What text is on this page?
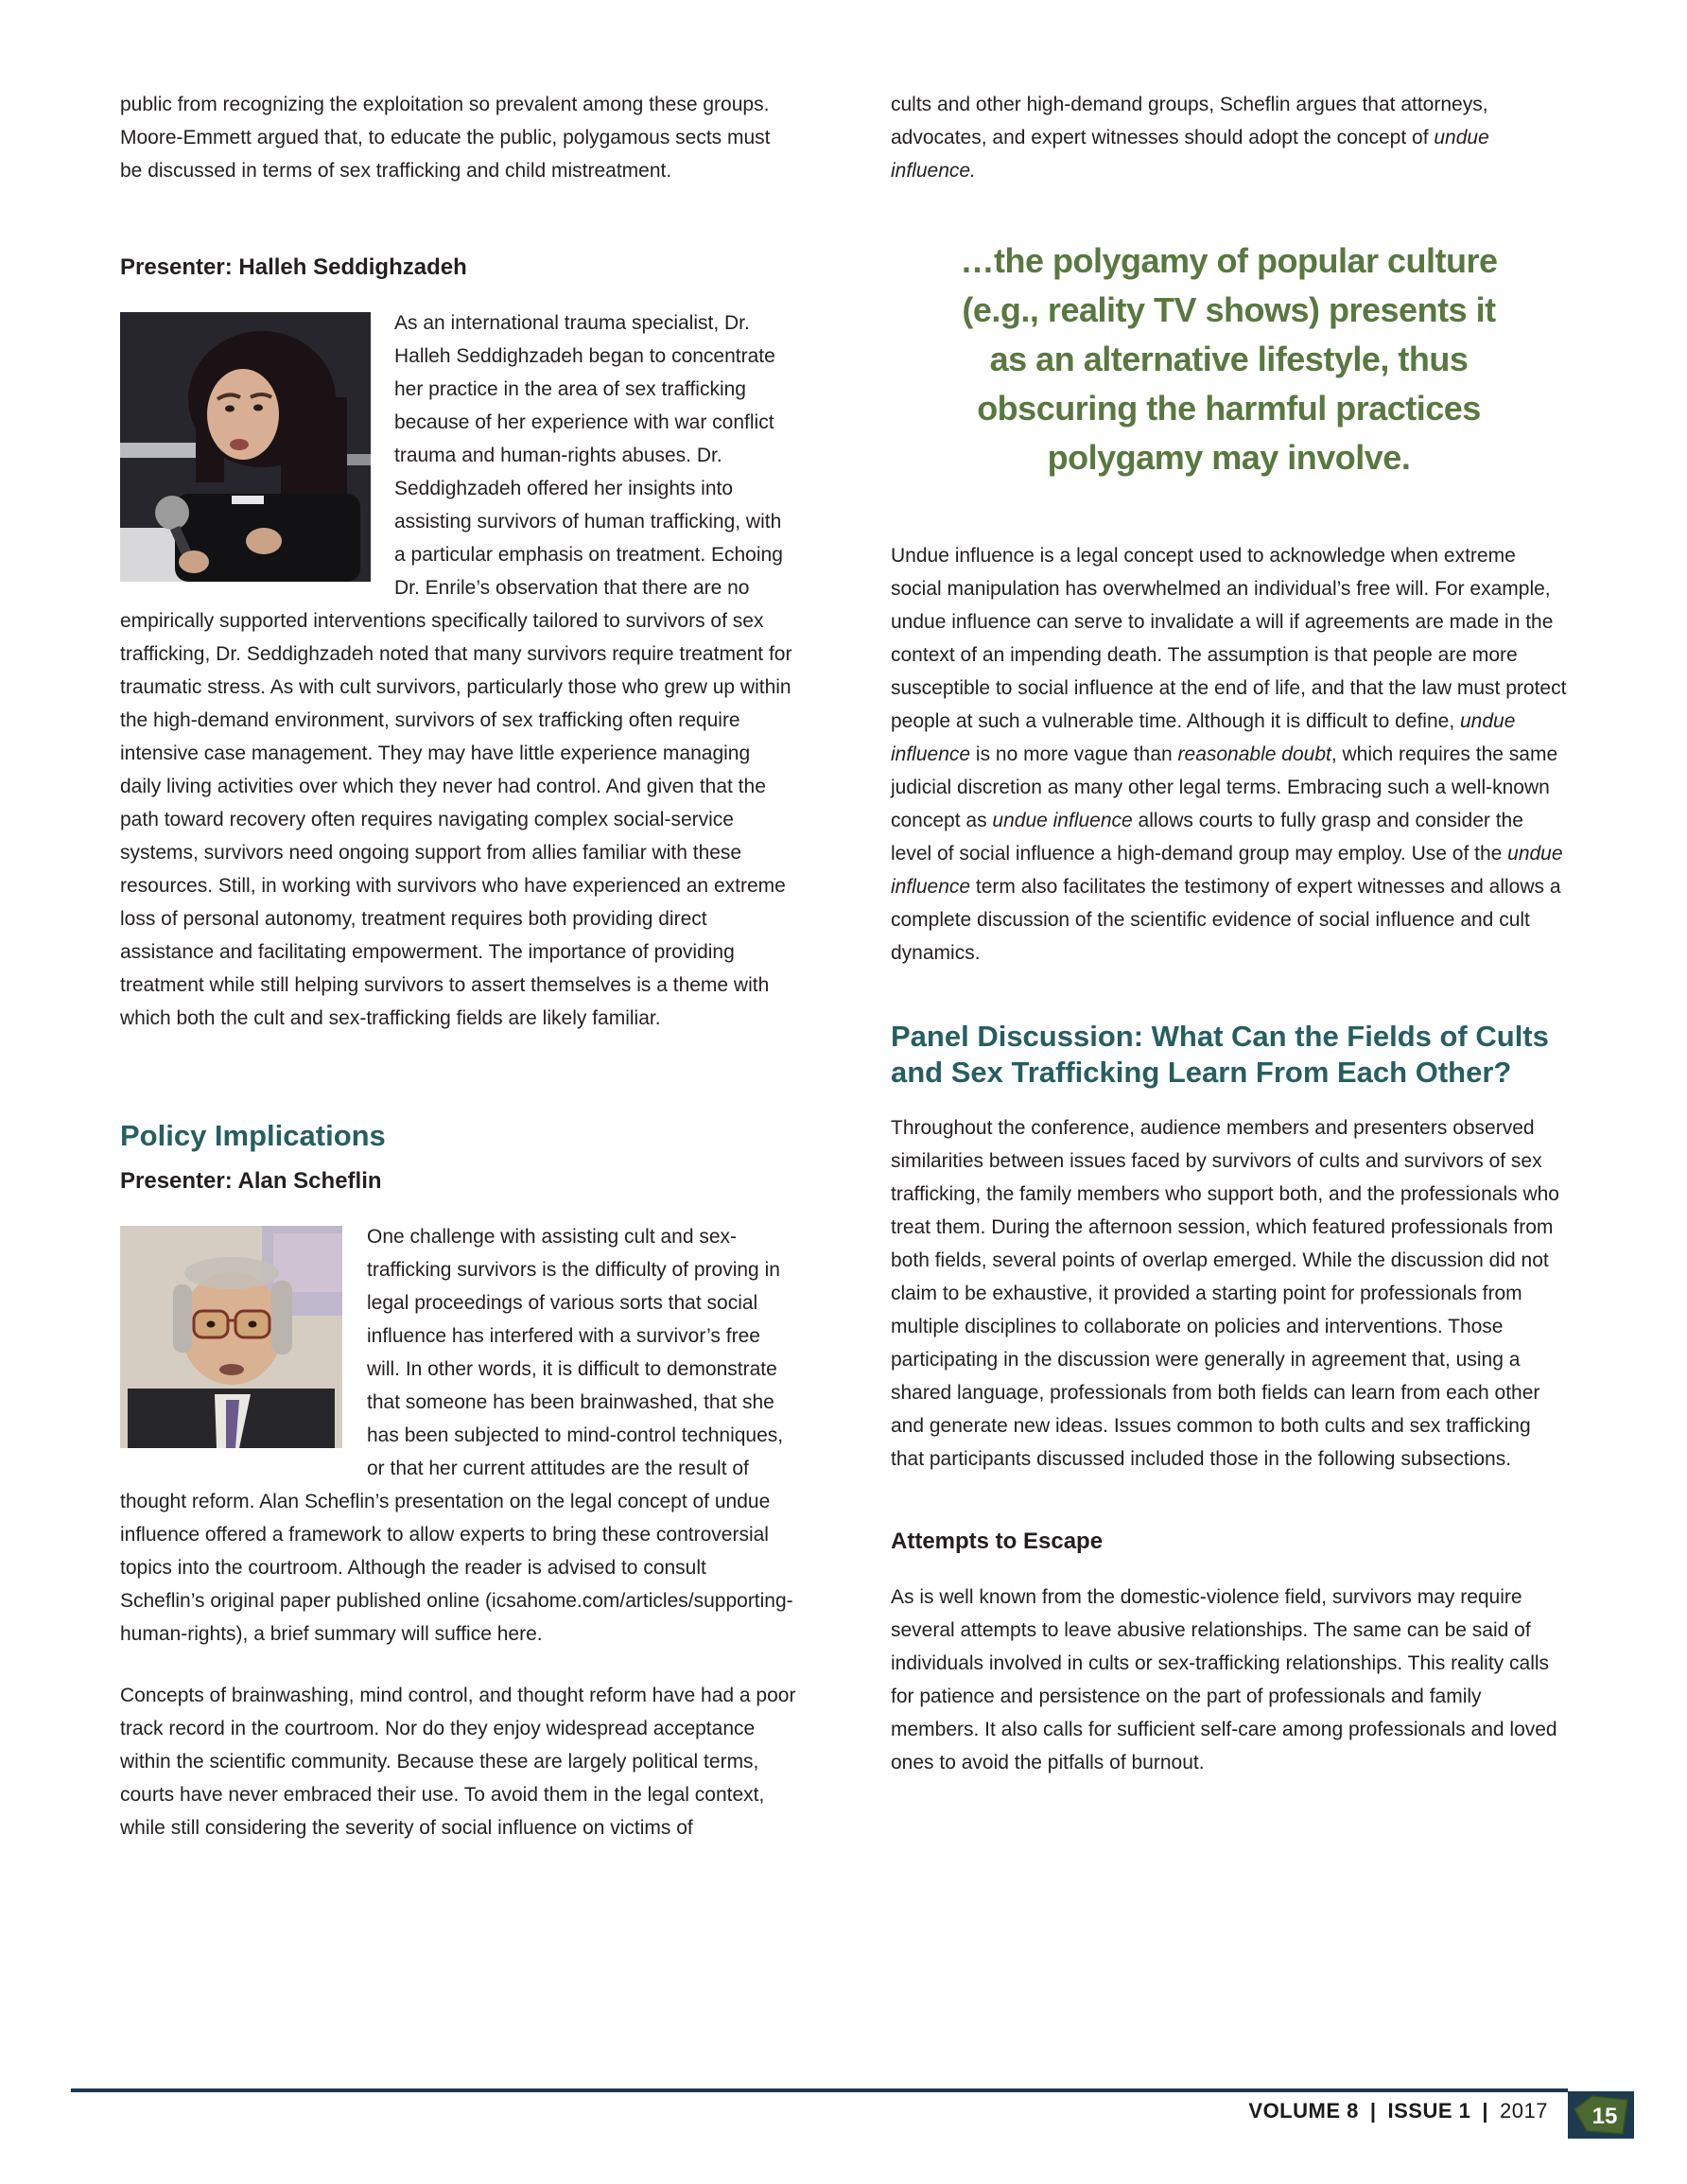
public from recognizing the exploitation so prevalent among these groups. Moore-Emmett argued that, to educate the public, polygamous sects must be discussed in terms of sex trafficking and child mistreatment.

Presenter: Halleh Seddighzadeh

As an international trauma specialist, Dr. Halleh Seddighzadeh began to concentrate her practice in the area of sex trafficking because of her experience with war conflict trauma and human-rights abuses. Dr. Seddighzadeh offered her insights into assisting survivors of human trafficking, with a particular emphasis on treatment. Echoing Dr. Enrile’s observation that there are no empirically supported interventions specifically tailored to survivors of sex trafficking, Dr. Seddighzadeh noted that many survivors require treatment for traumatic stress. As with cult survivors, particularly those who grew up within the high-demand environment, survivors of sex trafficking often require intensive case management. They may have little experience managing daily living activities over which they never had control. And given that the path toward recovery often requires navigating complex social-service systems, survivors need ongoing support from allies familiar with these resources. Still, in working with survivors who have experienced an extreme loss of personal autonomy, treatment requires both providing direct assistance and facilitating empowerment. The importance of providing treatment while still helping survivors to assert themselves is a theme with which both the cult and sex-trafficking fields are likely familiar.

Policy Implications
Presenter: Alan Scheflin

One challenge with assisting cult and sex-trafficking survivors is the difficulty of proving in legal proceedings of various sorts that social influence has interfered with a survivor’s free will. In other words, it is difficult to demonstrate that someone has been brainwashed, that she has been subjected to mind-control techniques, or that her current attitudes are the result of thought reform. Alan Scheflin’s presentation on the legal concept of undue influence offered a framework to allow experts to bring these controversial topics into the courtroom. Although the reader is advised to consult Scheflin’s original paper published online (icsahome.com/articles/supporting-human-rights), a brief summary will suffice here.

Concepts of brainwashing, mind control, and thought reform have had a poor track record in the courtroom. Nor do they enjoy widespread acceptance within the scientific community. Because these are largely political terms, courts have never embraced their use. To avoid them in the legal context, while still considering the severity of social influence on victims of

cults and other high-demand groups, Scheflin argues that attorneys, advocates, and expert witnesses should adopt the concept of undue influence.

…the polygamy of popular culture
(e.g., reality TV shows) presents it
as an alternative lifestyle, thus
obscuring the harmful practices
polygamy may involve.

Undue influence is a legal concept used to acknowledge when extreme social manipulation has overwhelmed an individual’s free will. For example, undue influence can serve to invalidate a will if agreements are made in the context of an impending death. The assumption is that people are more susceptible to social influence at the end of life, and that the law must protect people at such a vulnerable time. Although it is difficult to define, undue influence is no more vague than reasonable doubt, which requires the same judicial discretion as many other legal terms. Embracing such a well-known concept as undue influence allows courts to fully grasp and consider the level of social influence a high-demand group may employ. Use of the undue influence term also facilitates the testimony of expert witnesses and allows a complete discussion of the scientific evidence of social influence and cult dynamics.

Panel Discussion: What Can the Fields of Cults and Sex Trafficking Learn From Each Other?

Throughout the conference, audience members and presenters observed similarities between issues faced by survivors of cults and survivors of sex trafficking, the family members who support both, and the professionals who treat them. During the afternoon session, which featured professionals from both fields, several points of overlap emerged. While the discussion did not claim to be exhaustive, it provided a starting point for professionals from multiple disciplines to collaborate on policies and interventions. Those participating in the discussion were generally in agreement that, using a shared language, professionals from both fields can learn from each other and generate new ideas. Issues common to both cults and sex trafficking that participants discussed included those in the following subsections.

Attempts to Escape

As is well known from the domestic-violence field, survivors may require several attempts to leave abusive relationships. The same can be said of individuals involved in cults or sex-trafficking relationships. This reality calls for patience and persistence on the part of professionals and family members. It also calls for sufficient self-care among professionals and loved ones to avoid the pitfalls of burnout.

VOLUME 8 | ISSUE 1 | 2017 15
